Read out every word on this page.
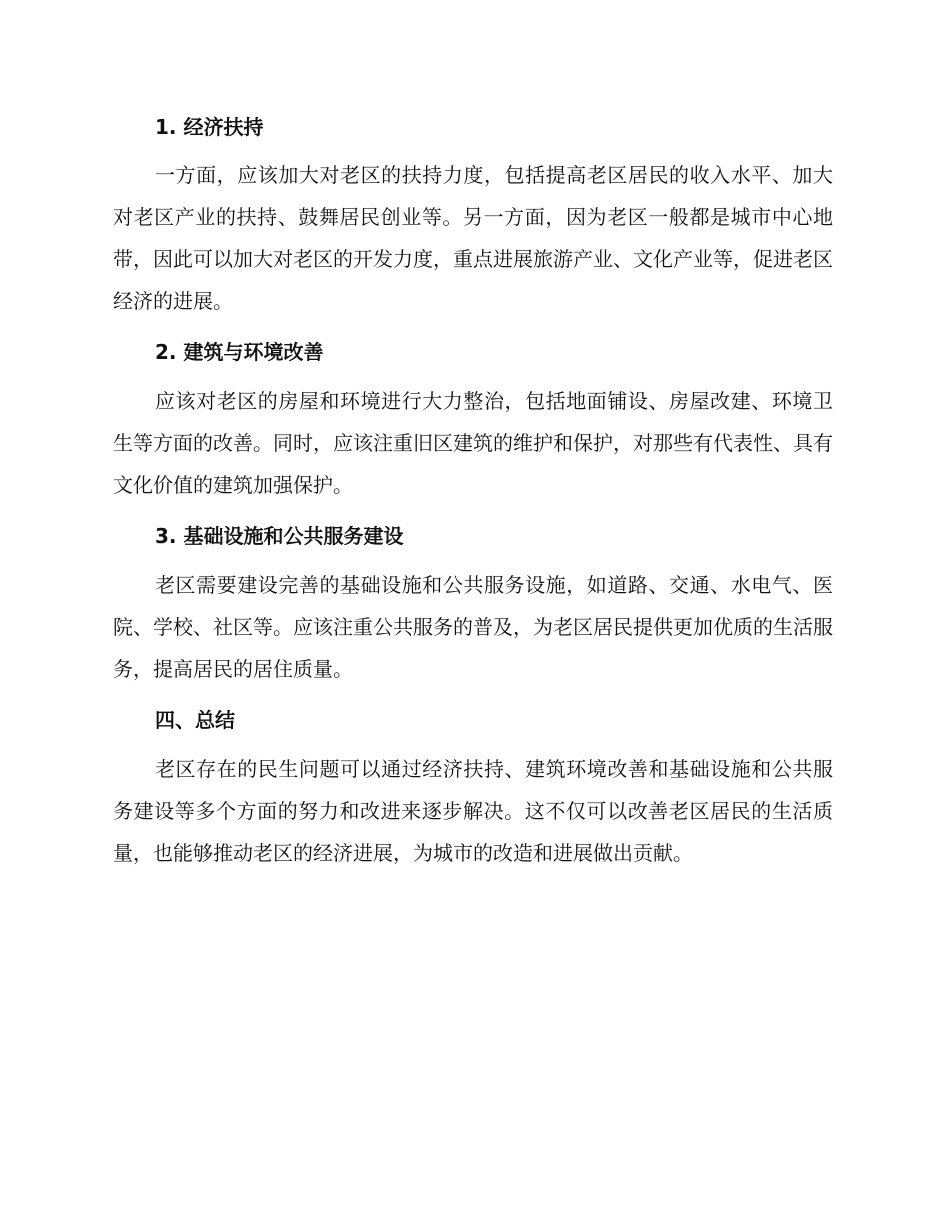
1. 经济扶持

一方面，应该加大对老区的扶持力度，包括提高老区居民的收入水平、加大对老区产业的扶持、鼓舞居民创业等。另一方面，因为老区一般都是城市中心地带，因此可以加大对老区的开发力度，重点进展旅游产业、文化产业等，促进老区经济的进展。

2. 建筑与环境改善

应该对老区的房屋和环境进行大力整治，包括地面铺设、房屋改建、环境卫生等方面的改善。同时，应该注重旧区建筑的维护和保护，对那些有代表性、具有文化价值的建筑加强保护。

3. 基础设施和公共服务建设

老区需要建设完善的基础设施和公共服务设施，如道路、交通、水电气、医院、学校、社区等。应该注重公共服务的普及，为老区居民提供更加优质的生活服务，提高居民的居住质量。

四、总结

老区存在的民生问题可以通过经济扶持、建筑环境改善和基础设施和公共服务建设等多个方面的努力和改进来逐步解决。这不仅可以改善老区居民的生活质量，也能够推动老区的经济进展，为城市的改造和进展做出贡献。
